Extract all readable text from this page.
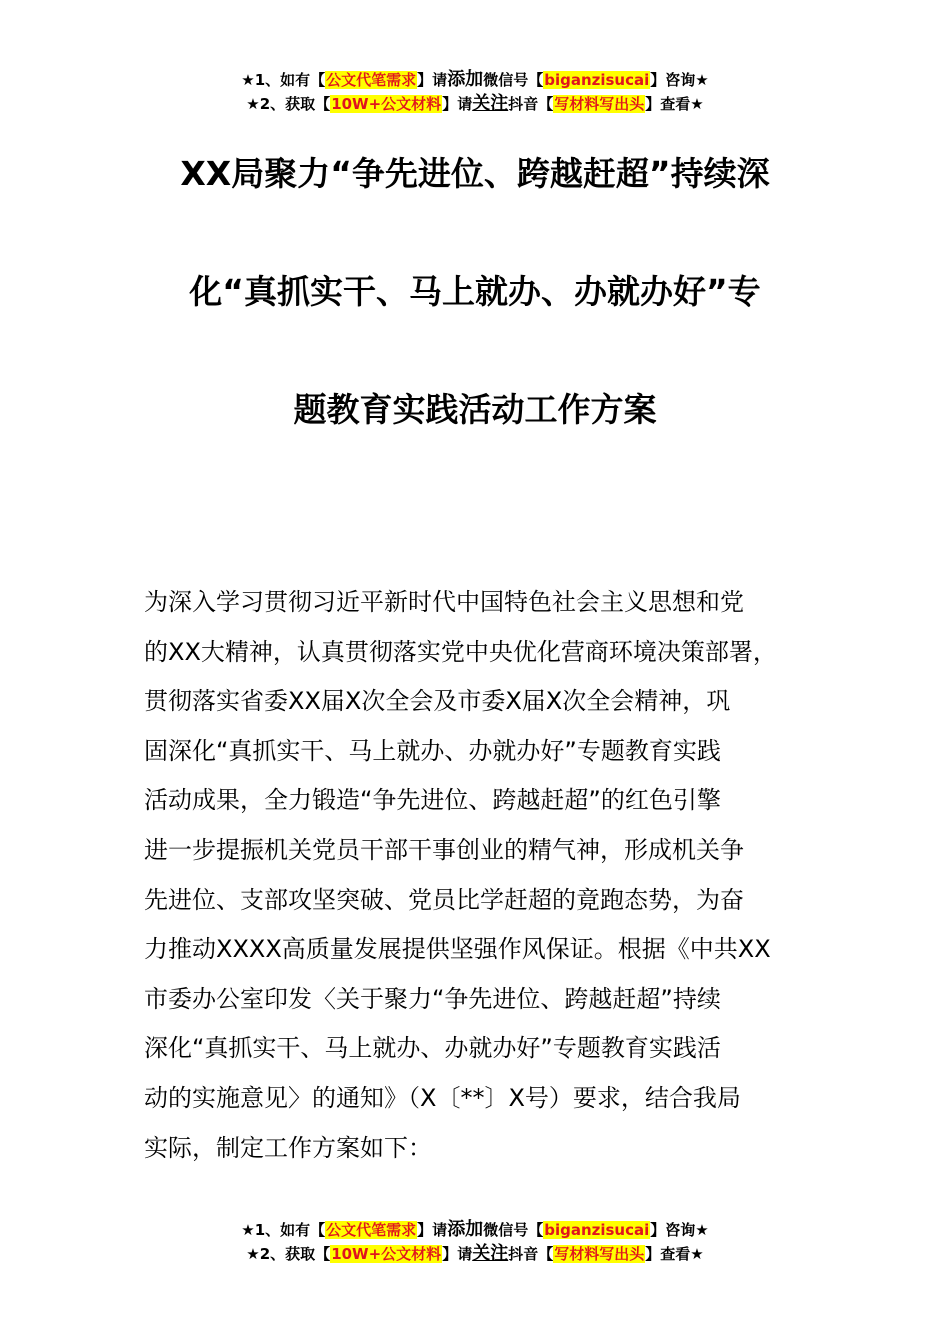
★1、如有【公文代笔需求】请添加微信号【biganzisucai】咨询★
★2、获取【10W+公文材料】请关注抖音【写材料写出头】查看★
XX局聚力“争先进位、跨越赶超”持续深
化“真抓实干、马上就办、办就办好”专
题教育实践活动工作方案
为深入学习贯彻习近平新时代中国特色社会主义思想和党
的XX大精神，认真贯彻落实党中央优化营商环境决策部署，
贯彻落实省委XX届X次全会及市委X届X次全会精神，巩
固深化“真抓实干、马上就办、办就办好”专题教育实践
活动成果，全力锻造“争先进位、跨越赶超”的红色引擎
进一步提振机关党员干部干事创业的精气神，形成机关争
先进位、支部攻坚突破、党员比学赶超的竟跑态势，为奋
力推动XXXX高质量发展提供坚强作风保证。根据《中共XX
市委办公室印发〈关于聚力“争先进位、跨越赶超”持续
深化“真抓实干、马上就办、办就办好”专题教育实践活
动的实施意见〉的通知》（X〔**〕X号）要求，结合我局
实际，制定工作方案如下：
★1、如有【公文代笔需求】请添加微信号【biganzisucai】咨询★
★2、获取【10W+公文材料】请关注抖音【写材料写出头】查看★
